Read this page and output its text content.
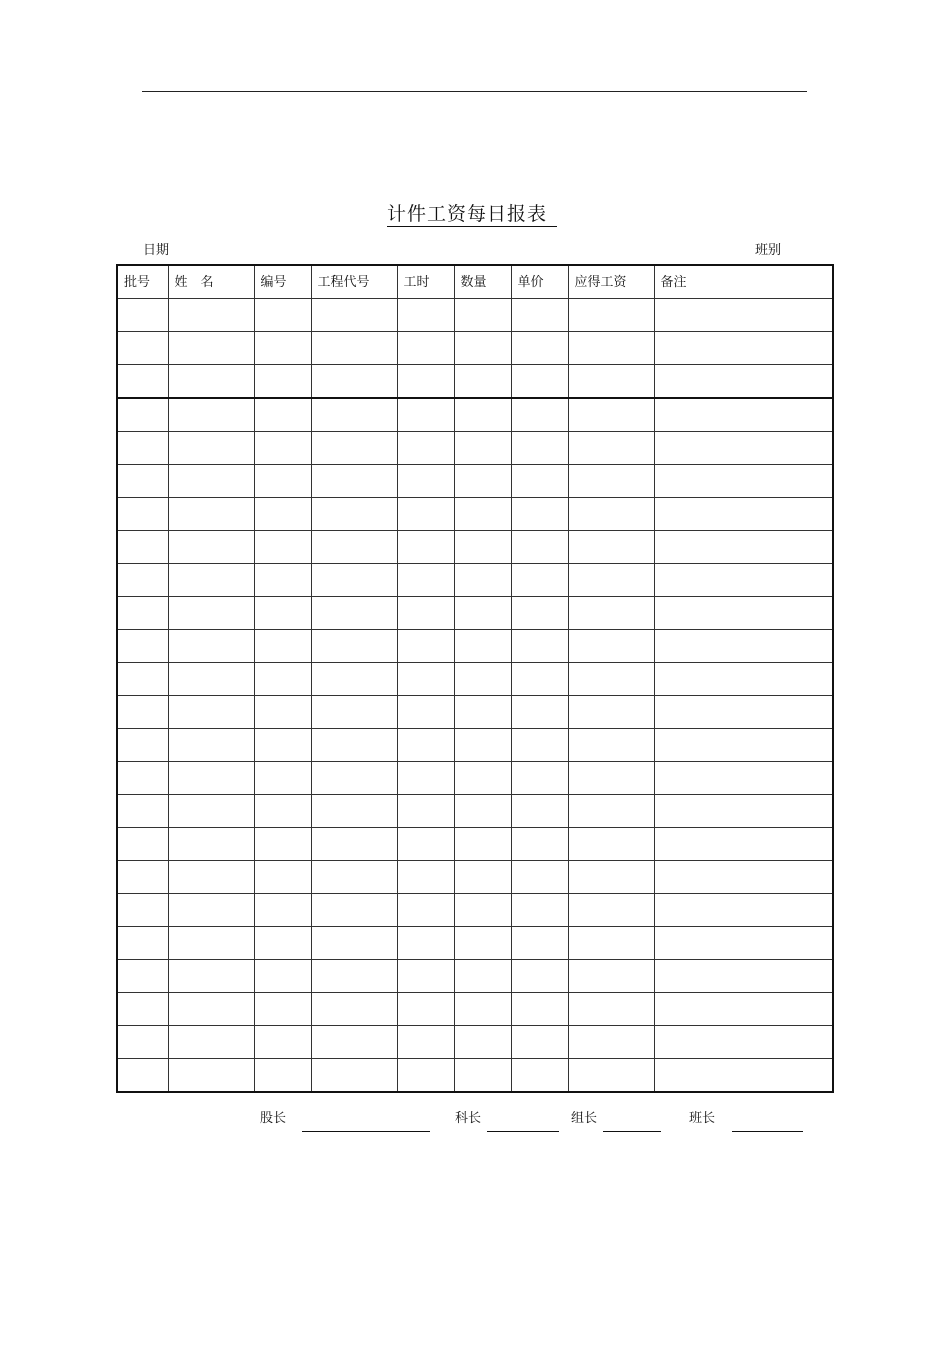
计件工资每日报表
日期	班别
批号	姓　名	编号	工程代号	工时	数量	单价	应得工资	备注

股长	科长	组长	班长
